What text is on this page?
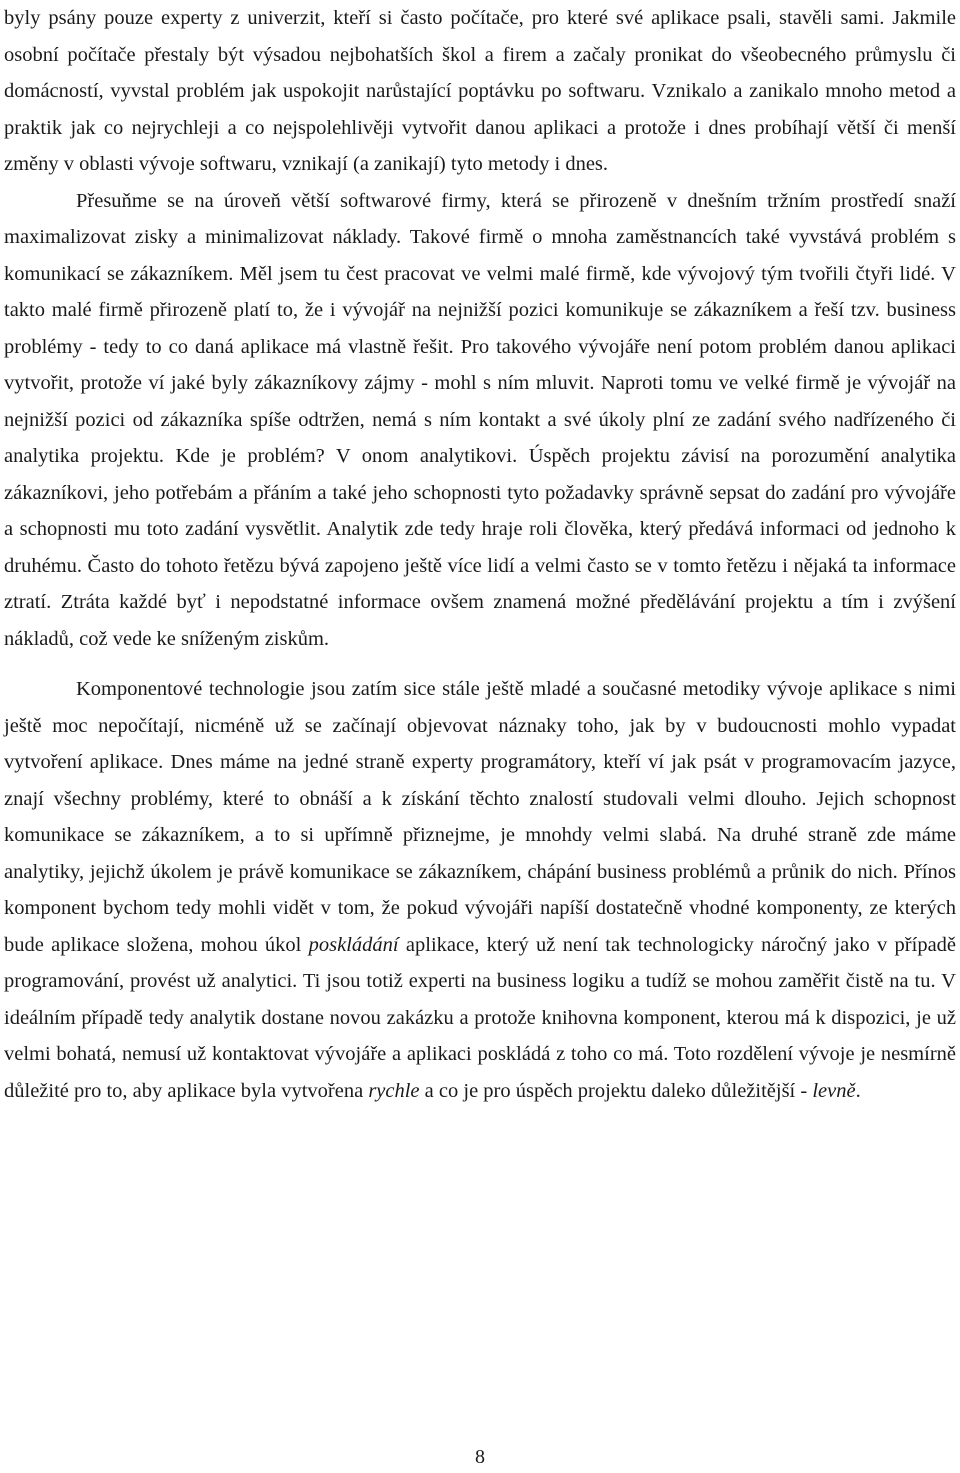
byly psány pouze experty z univerzit, kteří si často počítače, pro které své aplikace psali, stavěli sami. Jakmile osobní počítače přestaly být výsadou nejbohatších škol a firem a začaly pronikat do všeobecného průmyslu či domácností, vyvstal problém jak uspokojit narůstající poptávku po softwaru. Vznikalo a zanikalo mnoho metod a praktik jak co nejrychleji a co nejspolehlivěji vytvořit danou aplikaci a protože i dnes probíhají větší či menší změny v oblasti vývoje softwaru, vznikají (a zanikají) tyto metody i dnes.

Přesuňme se na úroveň větší softwarové firmy, která se přirozeně v dnešním tržním prostředí snaží maximalizovat zisky a minimalizovat náklady. Takové firmě o mnoha zaměstnancích také vyvstává problém s komunikací se zákazníkem. Měl jsem tu čest pracovat ve velmi malé firmě, kde vývojový tým tvořili čtyři lidé. V takto malé firmě přirozeně platí to, že i vývojář na nejnižší pozici komunikuje se zákazníkem a řeší tzv. business problémy - tedy to co daná aplikace má vlastně řešit. Pro takového vývojáře není potom problém danou aplikaci vytvořit, protože ví jaké byly zákazníkovy zájmy - mohl s ním mluvit. Naproti tomu ve velké firmě je vývojář na nejnižší pozici od zákazníka spíše odtržen, nemá s ním kontakt a své úkoly plní ze zadání svého nadřízeného či analytika projektu. Kde je problém? V onom analytikovi. Úspěch projektu závisí na porozumění analytika zákazníkovi, jeho potřebám a přáním a také jeho schopnosti tyto požadavky správně sepsat do zadání pro vývojáře a schopnosti mu toto zadání vysvětlit. Analytik zde tedy hraje roli člověka, který předává informaci od jednoho k druhému. Často do tohoto řetězu bývá zapojeno ještě více lidí a velmi často se v tomto řetězu i nějaká ta informace ztratí. Ztráta každé byť i nepodstatné informace ovšem znamená možné předělávání projektu a tím i zvýšení nákladů, což vede ke sníženým ziskům.

Komponentové technologie jsou zatím sice stále ještě mladé a současné metodiky vývoje aplikace s nimi ještě moc nepočítají, nicméně už se začínají objevovat náznaky toho, jak by v budoucnosti mohlo vypadat vytvoření aplikace. Dnes máme na jedné straně experty programátory, kteří ví jak psát v programovacím jazyce, znají všechny problémy, které to obnáší a k získání těchto znalostí studovali velmi dlouho. Jejich schopnost komunikace se zákazníkem, a to si upřímně přiznejme, je mnohdy velmi slabá. Na druhé straně zde máme analytiky, jejichž úkolem je právě komunikace se zákazníkem, chápání business problémů a průnik do nich. Přínos komponent bychom tedy mohli vidět v tom, že pokud vývojáři napíší dostatečně vhodné komponenty, ze kterých bude aplikace složena, mohou úkol poskládání aplikace, který už není tak technologicky náročný jako v případě programování, provést už analytici. Ti jsou totiž experti na business logiku a tudíž se mohou zaměřit čistě na tu. V ideálním případě tedy analytik dostane novou zakázku a protože knihovna komponent, kterou má k dispozici, je už velmi bohatá, nemusí už kontaktovat vývojáře a aplikaci poskládá z toho co má. Toto rozdělení vývoje je nesmírně důležité pro to, aby aplikace byla vytvořena rychle a co je pro úspěch projektu daleko důležitější - levně.

8
